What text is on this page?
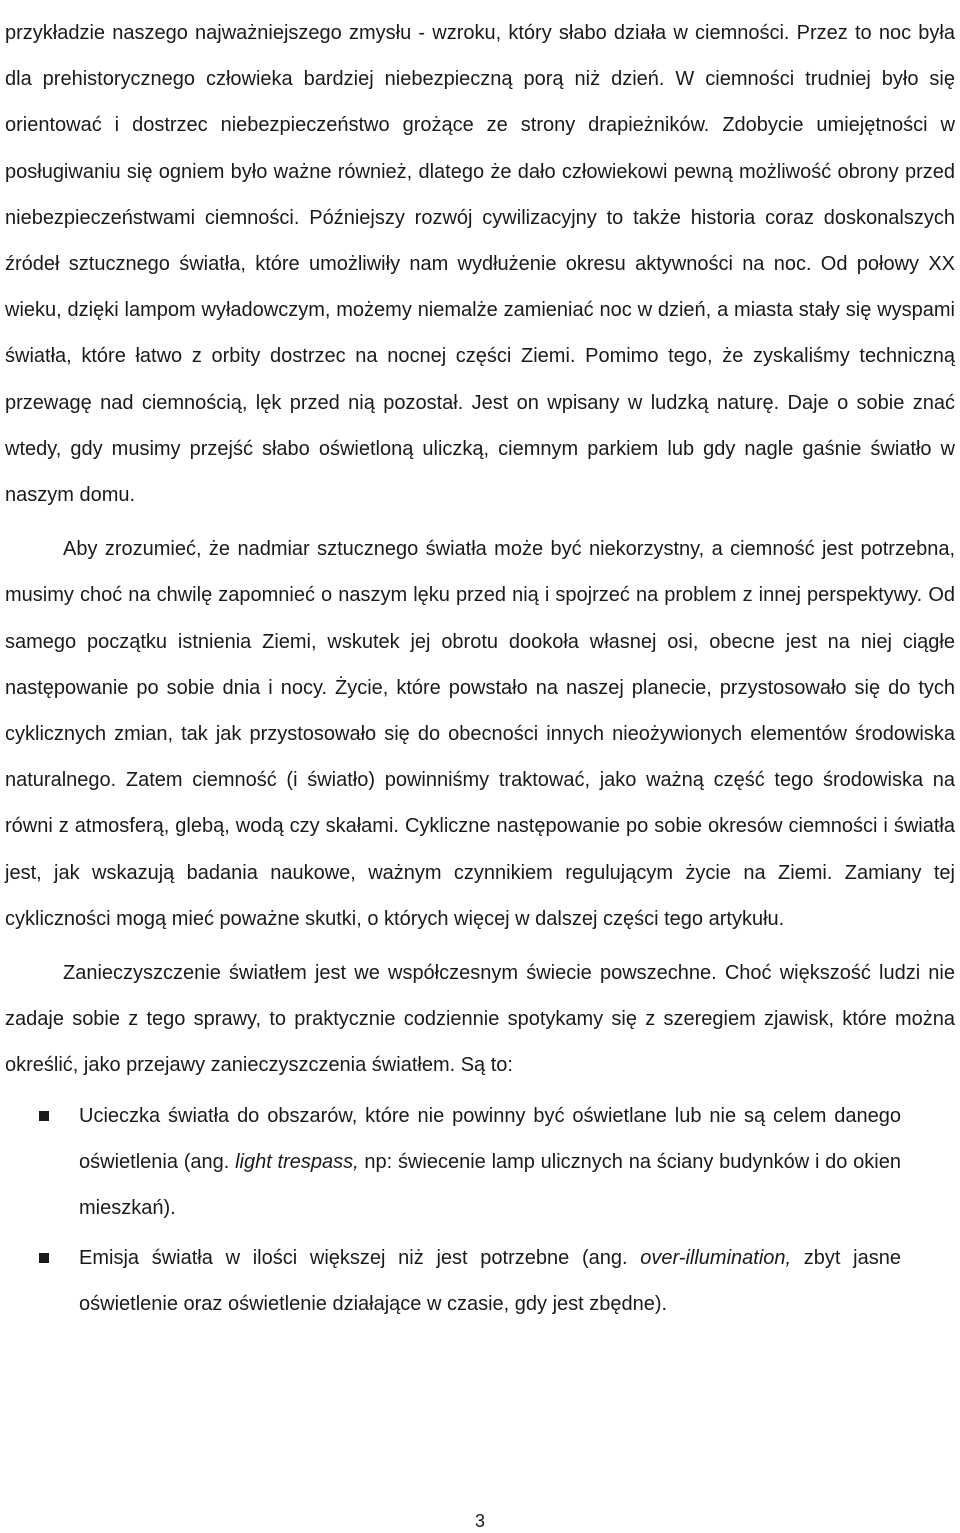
przykładzie naszego najważniejszego zmysłu - wzroku, który słabo działa w ciemności. Przez to noc była dla prehistorycznego człowieka bardziej niebezpieczną porą niż dzień. W ciemności trudniej było się orientować i dostrzec niebezpieczeństwo grożące ze strony drapieżników. Zdobycie umiejętności w posługiwaniu się ogniem było ważne również, dlatego że dało człowiekowi pewną możliwość obrony przed niebezpieczeństwami ciemności. Późniejszy rozwój cywilizacyjny to także historia coraz doskonalszych źródeł sztucznego światła, które umożliwiły nam wydłużenie okresu aktywności na noc. Od połowy XX wieku, dzięki lampom wyładowczym, możemy niemalże zamieniać noc w dzień, a miasta stały się wyspami światła, które łatwo z orbity dostrzec na nocnej części Ziemi. Pomimo tego, że zyskaliśmy techniczną przewagę nad ciemnością, lęk przed nią pozostał. Jest on wpisany w ludzką naturę. Daje o sobie znać wtedy, gdy musimy przejść słabo oświetloną uliczką, ciemnym parkiem lub gdy nagle gaśnie światło w naszym domu.

Aby zrozumieć, że nadmiar sztucznego światła może być niekorzystny, a ciemność jest potrzebna, musimy choć na chwilę zapomnieć o naszym lęku przed nią i spojrzeć na problem z innej perspektywy. Od samego początku istnienia Ziemi, wskutek jej obrotu dookoła własnej osi, obecne jest na niej ciągłe następowanie po sobie dnia i nocy. Życie, które powstało na naszej planecie, przystosowało się do tych cyklicznych zmian, tak jak przystosowało się do obecności innych nieożywionych elementów środowiska naturalnego. Zatem ciemność (i światło) powinniśmy traktować, jako ważną część tego środowiska na równi z atmosferą, glebą, wodą czy skałami. Cykliczne następowanie po sobie okresów ciemności i światła jest, jak wskazują badania naukowe, ważnym czynnikiem regulującym życie na Ziemi. Zamiany tej cykliczności mogą mieć poważne skutki, o których więcej w dalszej części tego artykułu.

Zanieczyszczenie światłem jest we współczesnym świecie powszechne. Choć większość ludzi nie zadaje sobie z tego sprawy, to praktycznie codziennie spotykamy się z szeregiem zjawisk, które można określić, jako przejawy zanieczyszczenia światłem. Są to:

Ucieczka światła do obszarów, które nie powinny być oświetlane lub nie są celem danego oświetlenia (ang. light trespass, np: świecenie lamp ulicznych na ściany budynków i do okien mieszkań).
Emisja światła w ilości większej niż jest potrzebne (ang. over-illumination, zbyt jasne oświetlenie oraz oświetlenie działające w czasie, gdy jest zbędne).
3
